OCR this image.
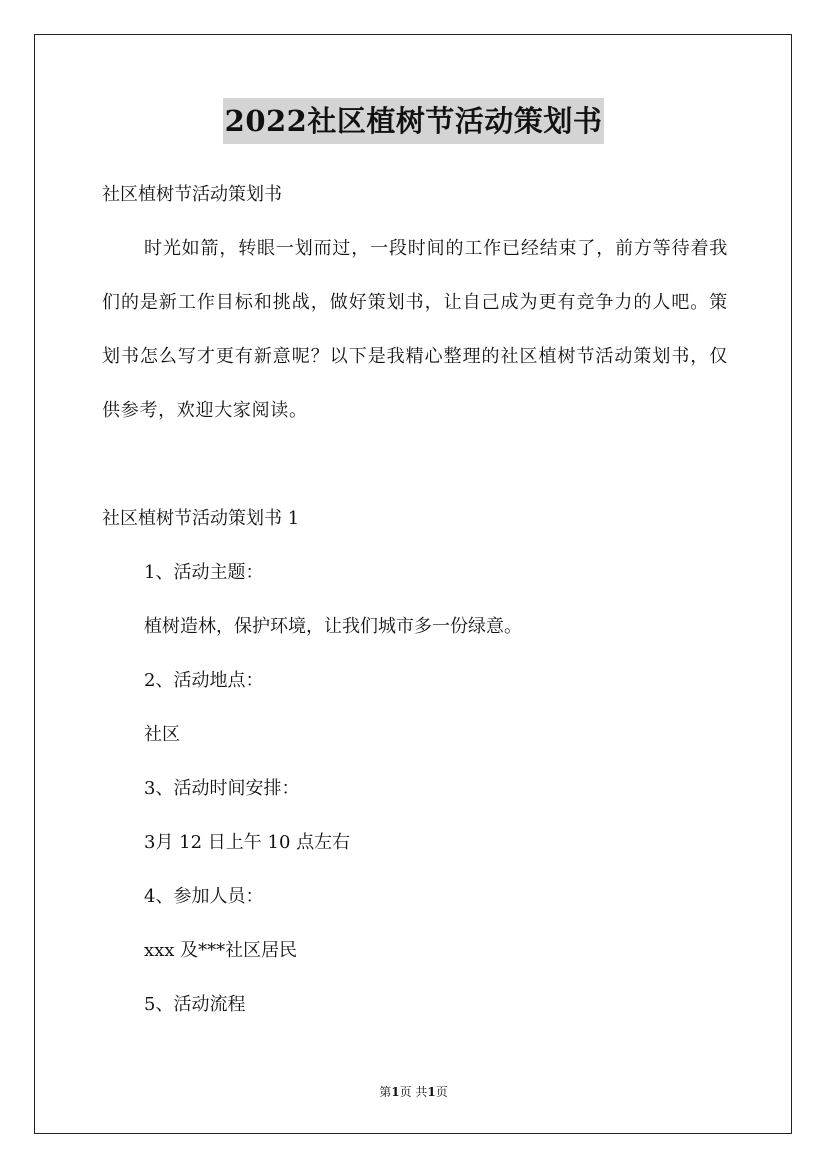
2022社区植树节活动策划书
社区植树节活动策划书
时光如箭，转眼一划而过，一段时间的工作已经结束了，前方等待着我们的是新工作目标和挑战，做好策划书，让自己成为更有竞争力的人吧。策划书怎么写才更有新意呢？以下是我精心整理的社区植树节活动策划书，仅供参考，欢迎大家阅读。
社区植树节活动策划书 1
1、活动主题：
植树造林，保护环境，让我们城市多一份绿意。
2、活动地点：
社区
3、活动时间安排：
3月 12 日上午 10 点左右
4、参加人员：
xxx 及***社区居民
5、活动流程
第1页 共1页
